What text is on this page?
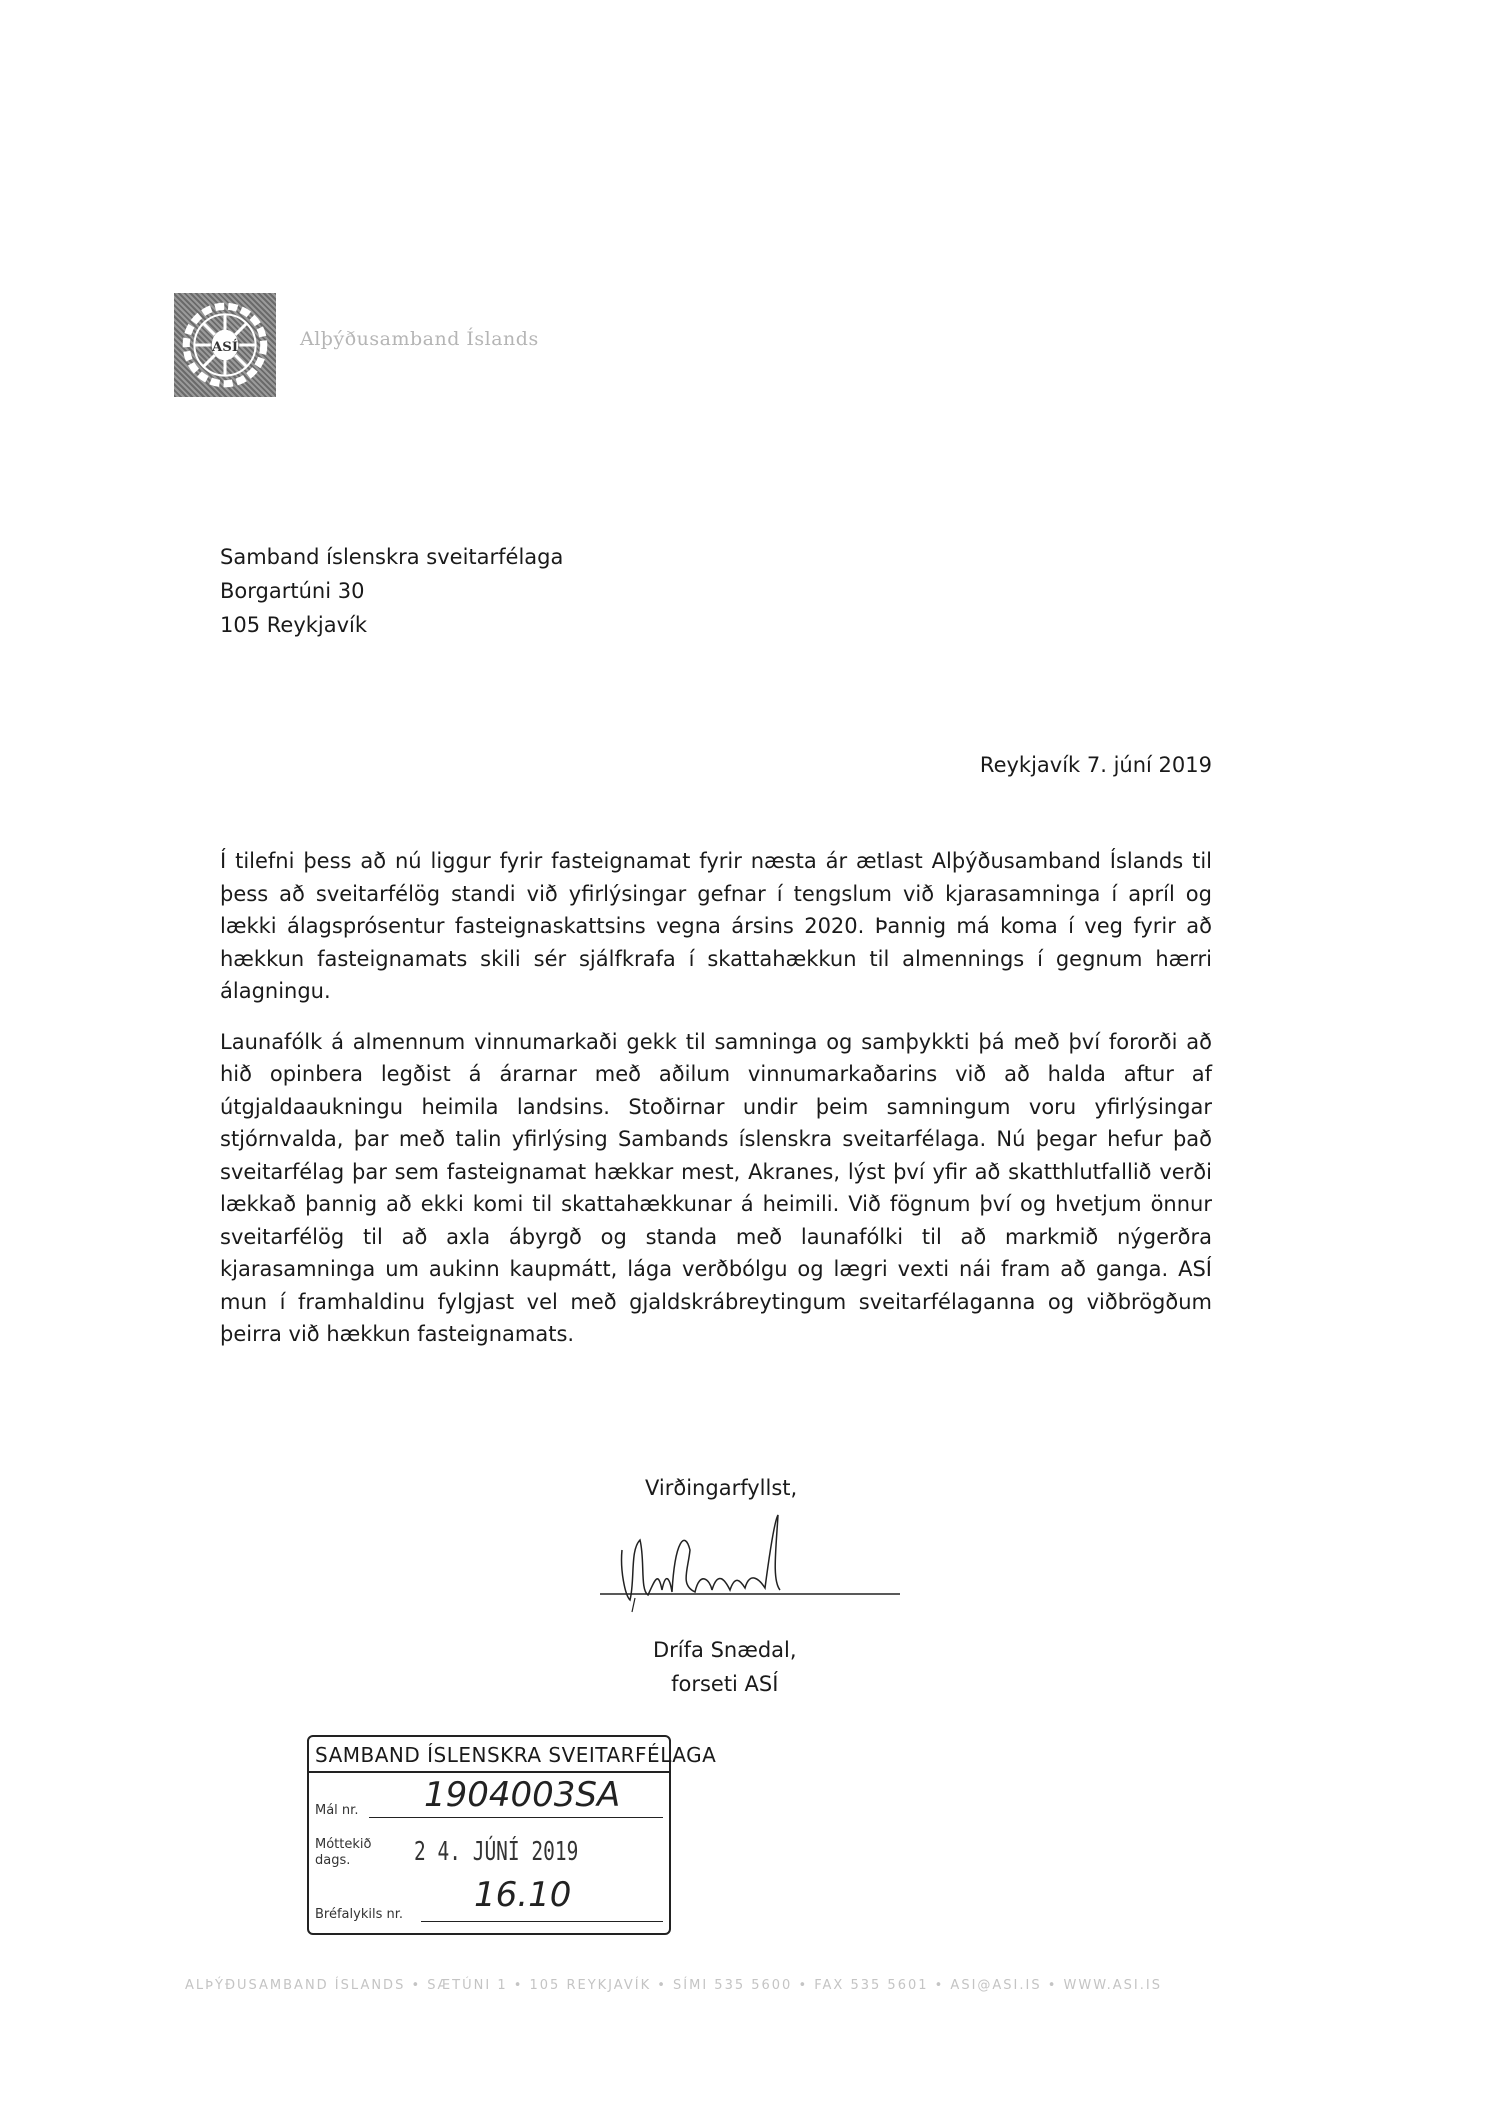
ASÍ	Alþýðusamband Íslands
Samband íslenskra sveitarfélaga
Borgartúni 30
105 Reykjavík
Reykjavík 7. júní 2019

Í tilefni þess að nú liggur fyrir fasteignamat fyrir næsta ár ætlast Alþýðusamband Íslands til þess að sveitarfélög standi við yfirlýsingar gefnar í tengslum við kjarasamninga í apríl og lækki álagsprósentur fasteignaskattsins vegna ársins 2020. Þannig má koma í veg fyrir að hækkun fasteignamats skili sér sjálfkrafa í skattahækkun til almennings í gegnum hærri álagningu.

Launafólk á almennum vinnumarkaði gekk til samninga og samþykkti þá með því fororði að hið opinbera legðist á árarnar með aðilum vinnumarkaðarins við að halda aftur af útgjaldaaukningu heimila landsins. Stoðirnar undir þeim samningum voru yfirlýsingar stjórnvalda, þar með talin yfirlýsing Sambands íslenskra sveitarfélaga. Nú þegar hefur það sveitarfélag þar sem fasteignamat hækkar mest, Akranes, lýst því yfir að skatthlutfallið verði lækkað þannig að ekki komi til skattahækkunar á heimili. Við fögnum því og hvetjum önnur sveitarfélög til að axla ábyrgð og standa með launafólki til að markmið nýgerðra kjarasamninga um aukinn kaupmátt, lága verðbólgu og lægri vexti nái fram að ganga. ASÍ mun í framhaldinu fylgjast vel með gjaldskrábreytingum sveitarfélaganna og viðbrögðum þeirra við hækkun fasteignamats.

Virðingarfyllst,
Drífa Snædal,
forseti ASÍ
SAMBAND ÍSLENSKRA SVEITARFÉLAGA
Mál nr. 1904003SA
Móttekið
dags. 2 4. JÚNÍ 2019
Bréfalykils nr. 16.10
ALÞÝÐUSAMBAND ÍSLANDS • SÆTÚNI 1 • 105 REYKJAVÍK • SÍMI 535 5600 • FAX 535 5601 • ASI@ASI.IS • WWW.ASI.IS
